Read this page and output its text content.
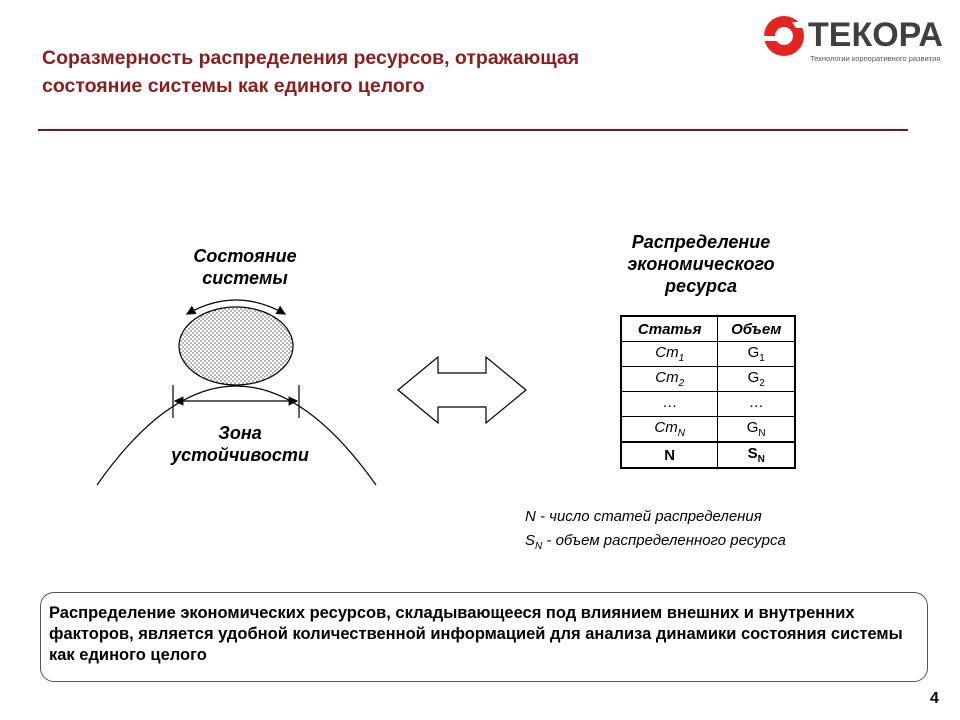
Соразмерность распределения ресурсов, отражающая
состояние системы как единого целого
ТЕКОРА
Технологии корпоративного развития
Состояние
системы
Зона
устойчивости
Распределение
экономического
ресурса
Статья	Объем
$Ст_1$	$G_1$
$Ст_2$	$G_2$
…	…
$Ст_N$	$G_N$
N	$S_N$
N - число статей распределения
$S_N$ - объем распределенного ресурса
Распределение экономических ресурсов, складывающееся под влиянием внешних и внутренних факторов, является удобной количественной информацией для анализа динамики состояния системы как единого целого
4
